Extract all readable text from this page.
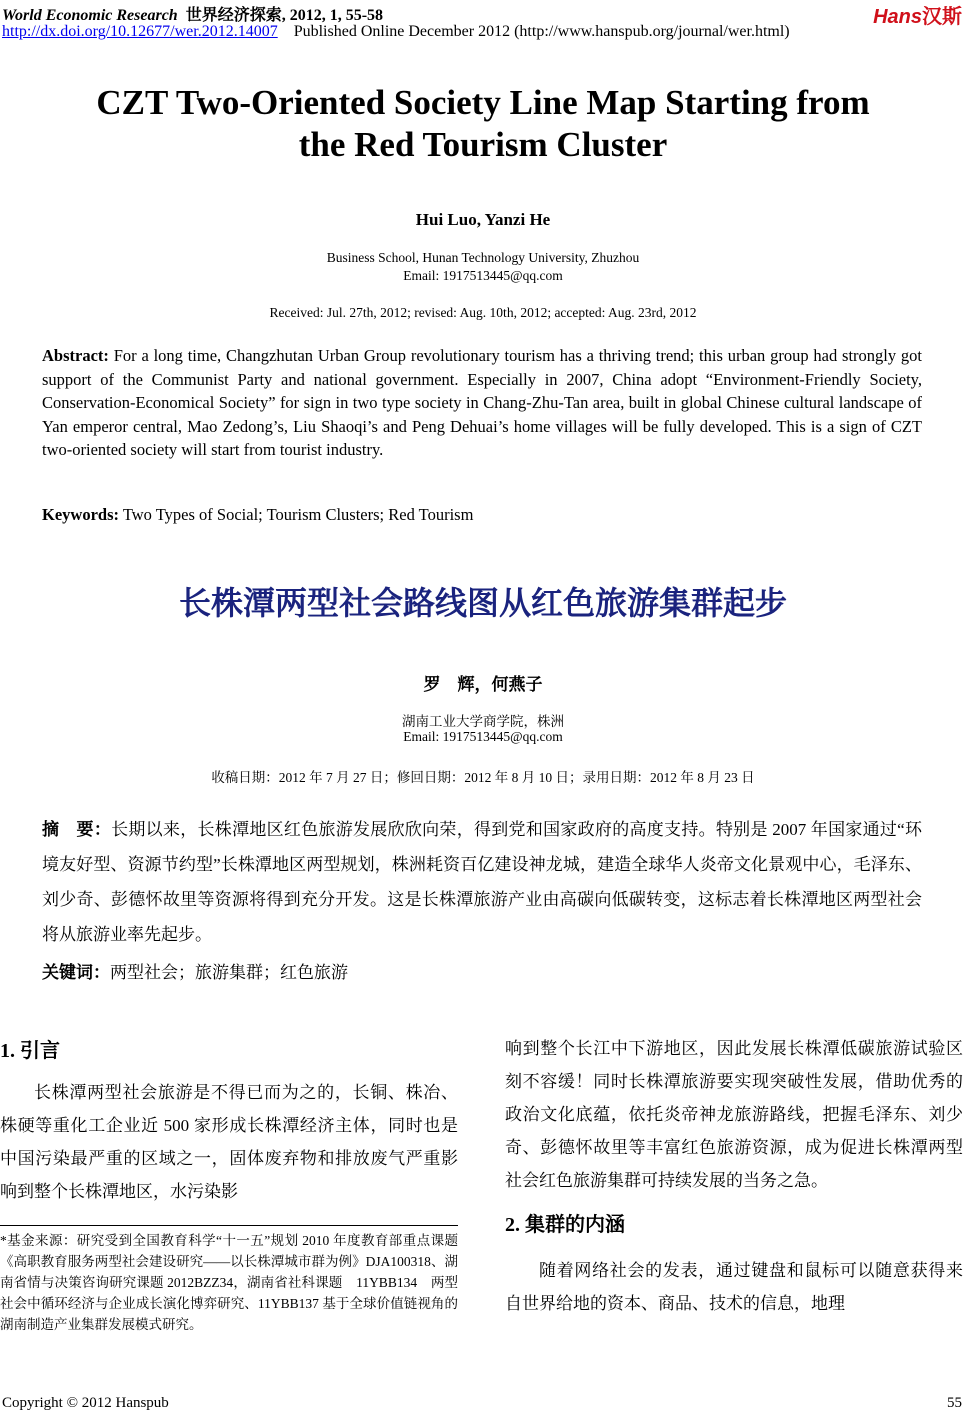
World Economic Research 世界经济探索, 2012, 1, 55-58	Hans汉斯
http://dx.doi.org/10.12677/wer.2012.14007 Published Online December 2012 (http://www.hanspub.org/journal/wer.html)
CZT Two-Oriented Society Line Map Starting from
the Red Tourism Cluster
Hui Luo, Yanzi He
Business School, Hunan Technology University, Zhuzhou
Email: 1917513445@qq.com
Received: Jul. 27th, 2012; revised: Aug. 10th, 2012; accepted: Aug. 23rd, 2012
Abstract: For a long time, Changzhutan Urban Group revolutionary tourism has a thriving trend; this urban group had strongly got support of the Communist Party and national government. Especially in 2007, China adopt “Environment-Friendly Society, Conservation-Economical Society” for sign in two type society in Chang-Zhu-Tan area, built in global Chinese cultural landscape of Yan emperor central, Mao Zedong’s, Liu Shaoqi’s and Peng Dehuai’s home villages will be fully developed. This is a sign of CZT two-oriented society will start from tourist industry.
Keywords: Two Types of Social; Tourism Clusters; Red Tourism
长株潭两型社会路线图从红色旅游集群起步
罗　辉，何燕子
湖南工业大学商学院，株洲
Email: 1917513445@qq.com
收稿日期：2012 年 7 月 27 日；修回日期：2012 年 8 月 10 日；录用日期：2012 年 8 月 23 日
摘　要：长期以来，长株潭地区红色旅游发展欣欣向荣，得到党和国家政府的高度支持。特别是 2007 年国家通过“环境友好型、资源节约型”长株潭地区两型规划，株洲耗资百亿建设神龙城，建造全球华人炎帝文化景观中心，毛泽东、刘少奇、彭德怀故里等资源将得到充分开发。这是长株潭旅游产业由高碳向低碳转变，这标志着长株潭地区两型社会将从旅游业率先起步。
关键词：两型社会；旅游集群；红色旅游
1. 引言

长株潭两型社会旅游是不得已而为之的，长铜、株冶、株硬等重化工企业近 500 家形成长株潭经济主体，同时也是中国污染最严重的区域之一，固体废弃物和排放废气严重影响到整个长株潭地区，水污染影

*基金来源：研究受到全国教育科学“十一五”规划 2010 年度教育部重点课题《高职教育服务两型社会建设研究——以长株潭城市群为例》DJA100318、湖南省情与决策咨询研究课题 2012BZZ34，湖南省社科课题　11YBB134　两型社会中循环经济与企业成长演化博弈研究、11YBB137 基于全球价值链视角的湖南制造产业集群发展模式研究。

响到整个长江中下游地区，因此发展长株潭低碳旅游试验区刻不容缓！同时长株潭旅游要实现突破性发展，借助优秀的政治文化底蕴，依托炎帝神龙旅游路线，把握毛泽东、刘少奇、彭德怀故里等丰富红色旅游资源，成为促进长株潭两型社会红色旅游集群可持续发展的当务之急。

2. 集群的内涵

随着网络社会的发表，通过键盘和鼠标可以随意获得来自世界给地的资本、商品、技术的信息，地理

Copyright © 2012 Hanspub	55
